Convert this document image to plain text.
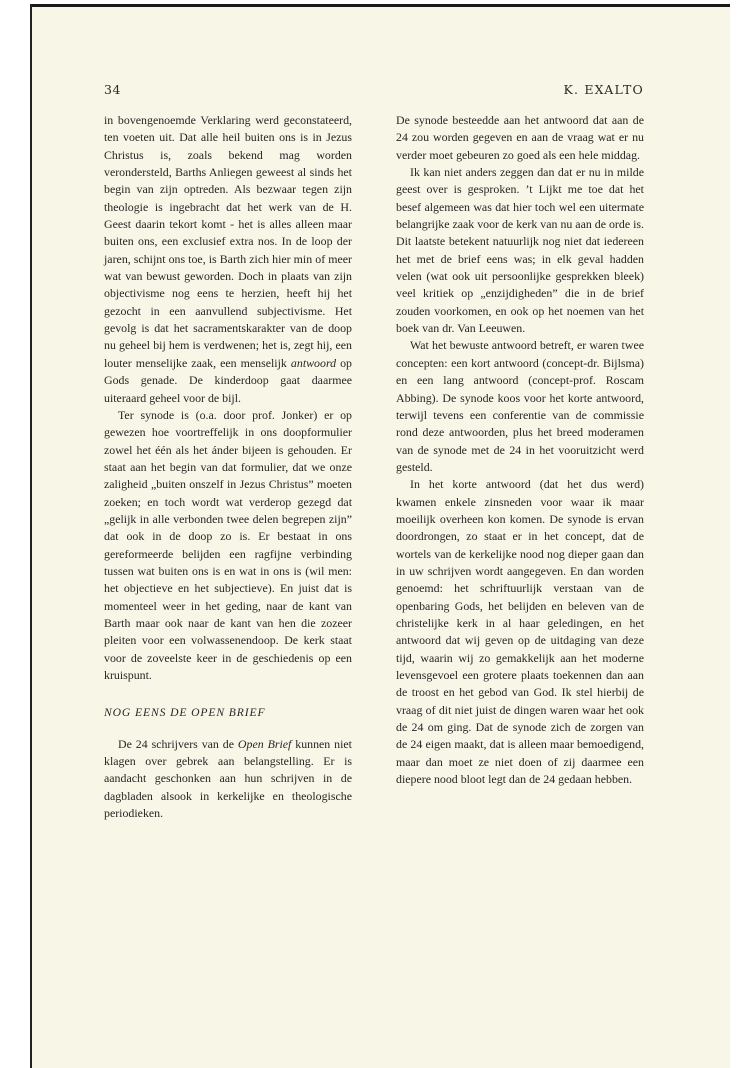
34	K. EXALTO

in bovengenoemde Verklaring werd geconstateerd, ten voeten uit. Dat alle heil buiten ons is in Jezus Christus is, zoals bekend mag worden verondersteld, Barths Anliegen geweest al sinds het begin van zijn optreden. Als bezwaar tegen zijn theologie is ingebracht dat het werk van de H. Geest daarin tekort komt - het is alles alleen maar buiten ons, een exclusief extra nos. In de loop der jaren, schijnt ons toe, is Barth zich hier min of meer wat van bewust geworden. Doch in plaats van zijn objectivisme nog eens te herzien, heeft hij het gezocht in een aanvullend subjectivisme. Het gevolg is dat het sacramentskarakter van de doop nu geheel bij hem is verdwenen; het is, zegt hij, een louter menselijke zaak, een menselijk antwoord op Gods genade. De kinderdoop gaat daarmee uiteraard geheel voor de bijl.

Ter synode is (o.a. door prof. Jonker) er op gewezen hoe voortreffelijk in ons doopformulier zowel het één als het ánder bijeen is gehouden. Er staat aan het begin van dat formulier, dat we onze zaligheid „buiten onszelf in Jezus Christus” moeten zoeken; en toch wordt wat verderop gezegd dat „gelijk in alle verbonden twee delen begrepen zijn” dat ook in de doop zo is. Er bestaat in ons gereformeerde belijden een ragfijne verbinding tussen wat buiten ons is en wat in ons is (wil men: het objectieve en het subjectieve). En juist dat is momenteel weer in het geding, naar de kant van Barth maar ook naar de kant van hen die zozeer pleiten voor een volwassenendoop. De kerk staat voor de zoveelste keer in de geschiedenis op een kruispunt.

NOG EENS DE OPEN BRIEF

De 24 schrijvers van de Open Brief kunnen niet klagen over gebrek aan belangstelling. Er is aandacht geschonken aan hun schrijven in de dagbladen alsook in kerkelijke en theologische periodieken.

De synode besteedde aan het antwoord dat aan de 24 zou worden gegeven en aan de vraag wat er nu verder moet gebeuren zo goed als een hele middag.

Ik kan niet anders zeggen dan dat er nu in milde geest over is gesproken. ’t Lijkt me toe dat het besef algemeen was dat hier toch wel een uitermate belangrijke zaak voor de kerk van nu aan de orde is. Dit laatste betekent natuurlijk nog niet dat iedereen het met de brief eens was; in elk geval hadden velen (wat ook uit persoonlijke gesprekken bleek) veel kritiek op „enzijdigheden” die in de brief zouden voorkomen, en ook op het noemen van het boek van dr. Van Leeuwen.

Wat het bewuste antwoord betreft, er waren twee concepten: een kort antwoord (concept-dr. Bijlsma) en een lang antwoord (concept-prof. Roscam Abbing). De synode koos voor het korte antwoord, terwijl tevens een conferentie van de commissie rond deze antwoorden, plus het breed moderamen van de synode met de 24 in het vooruitzicht werd gesteld.

In het korte antwoord (dat het dus werd) kwamen enkele zinsneden voor waar ik maar moeilijk overheen kon komen. De synode is ervan doordrongen, zo staat er in het concept, dat de wortels van de kerkelijke nood nog dieper gaan dan in uw schrijven wordt aangegeven. En dan worden genoemd: het schriftuurlijk verstaan van de openbaring Gods, het belijden en beleven van de christelijke kerk in al haar geledingen, en het antwoord dat wij geven op de uitdaging van deze tijd, waarin wij zo gemakkelijk aan het moderne levensgevoel een grotere plaats toekennen dan aan de troost en het gebod van God. Ik stel hierbij de vraag of dit niet juist de dingen waren waar het ook de 24 om ging. Dat de synode zich de zorgen van de 24 eigen maakt, dat is alleen maar bemoedigend, maar dan moet ze niet doen of zij daarmee een diepere nood bloot legt dan de 24 gedaan hebben.
